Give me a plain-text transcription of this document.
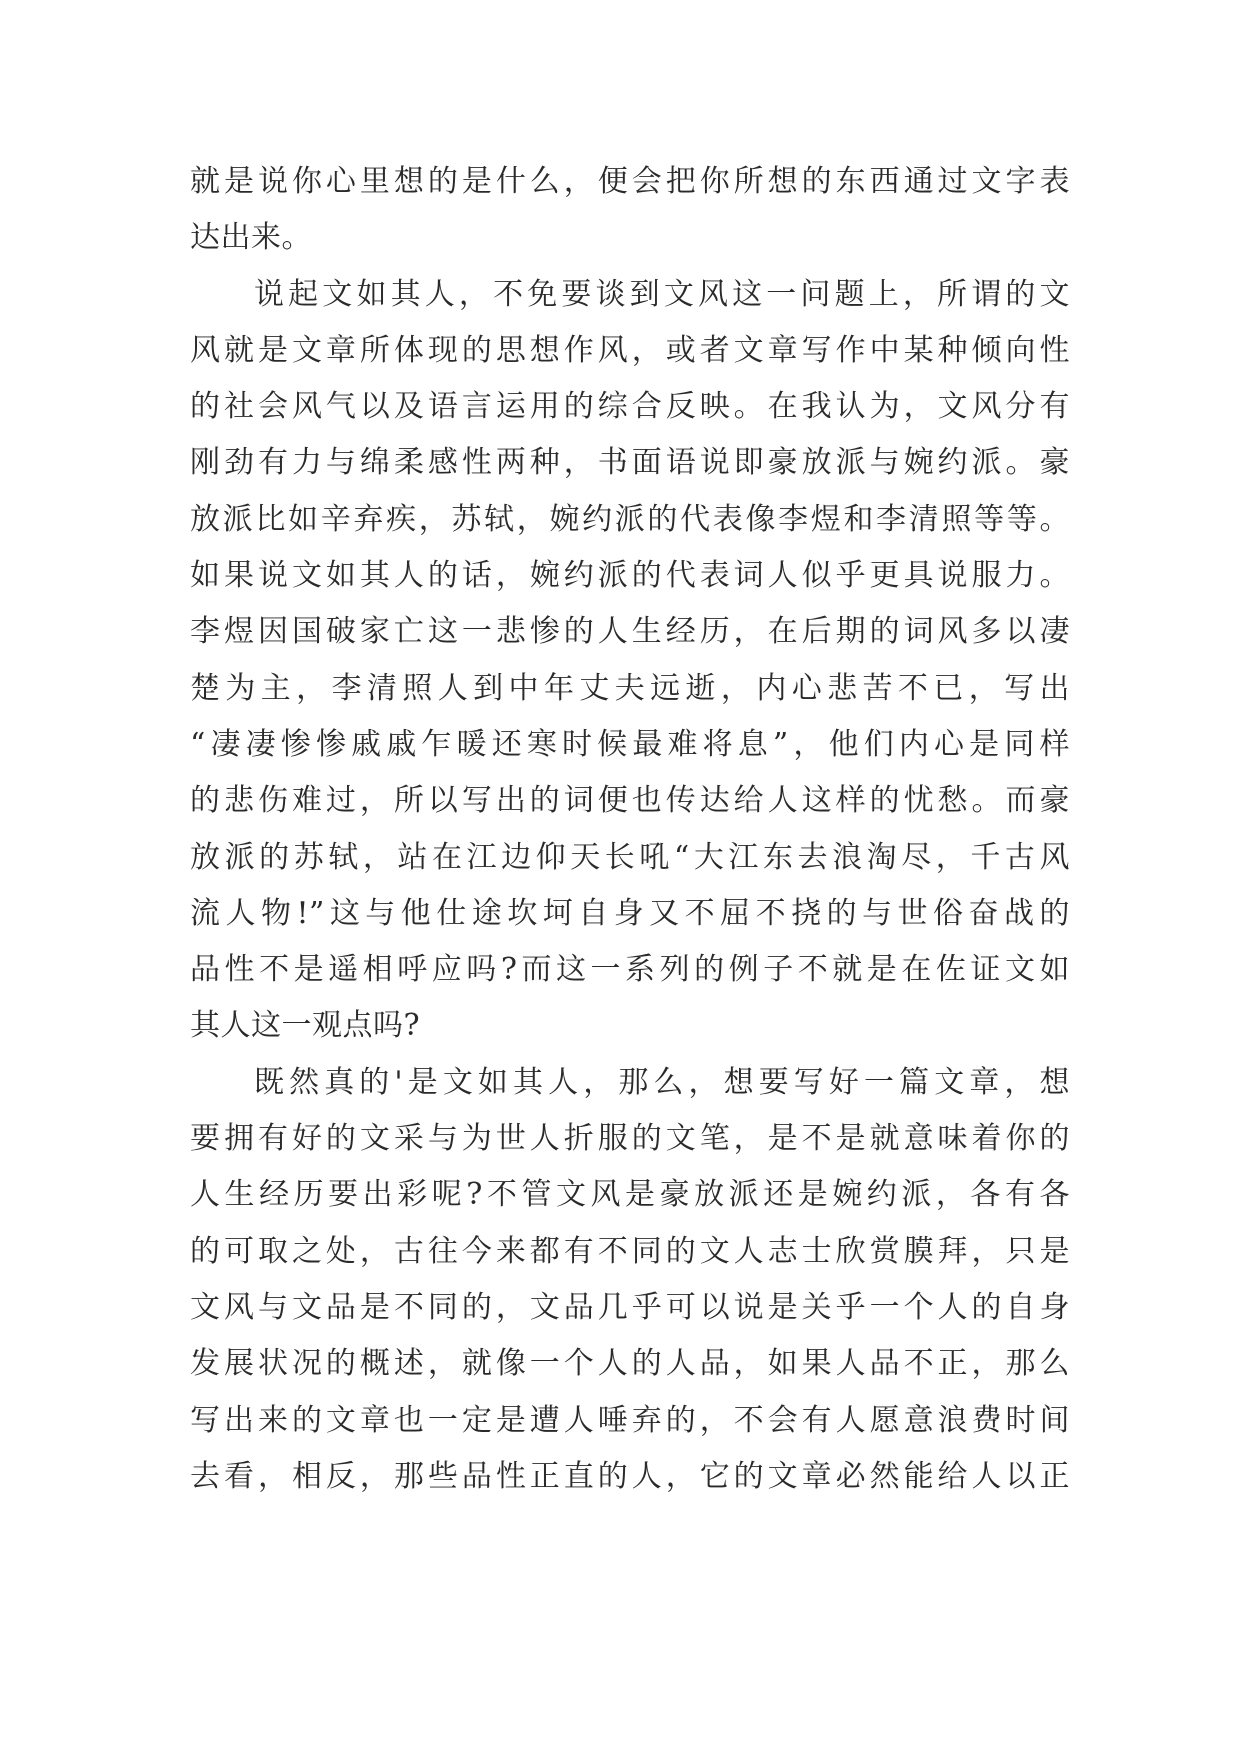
就是说你心里想的是什么，便会把你所想的东西通过文字表
达出来。
说起文如其人，不免要谈到文风这一问题上，所谓的文
风就是文章所体现的思想作风，或者文章写作中某种倾向性
的社会风气以及语言运用的综合反映。在我认为，文风分有
刚劲有力与绵柔感性两种，书面语说即豪放派与婉约派。豪
放派比如辛弃疾，苏轼，婉约派的代表像李煜和李清照等等。
如果说文如其人的话，婉约派的代表词人似乎更具说服力。
李煜因国破家亡这一悲惨的人生经历，在后期的词风多以凄
楚为主，李清照人到中年丈夫远逝，内心悲苦不已，写出
“凄凄惨惨戚戚乍暖还寒时候最难将息”，他们内心是同样
的悲伤难过，所以写出的词便也传达给人这样的忧愁。而豪
放派的苏轼，站在江边仰天长吼“大江东去浪淘尽，千古风
流人物!”这与他仕途坎坷自身又不屈不挠的与世俗奋战的
品性不是遥相呼应吗?而这一系列的例子不就是在佐证文如
其人这一观点吗?
既然真的'是文如其人，那么，想要写好一篇文章，想
要拥有好的文采与为世人折服的文笔，是不是就意味着你的
人生经历要出彩呢?不管文风是豪放派还是婉约派，各有各
的可取之处，古往今来都有不同的文人志士欣赏膜拜，只是
文风与文品是不同的，文品几乎可以说是关乎一个人的自身
发展状况的概述，就像一个人的人品，如果人品不正，那么
写出来的文章也一定是遭人唾弃的，不会有人愿意浪费时间
去看，相反，那些品性正直的人，它的文章必然能给人以正
